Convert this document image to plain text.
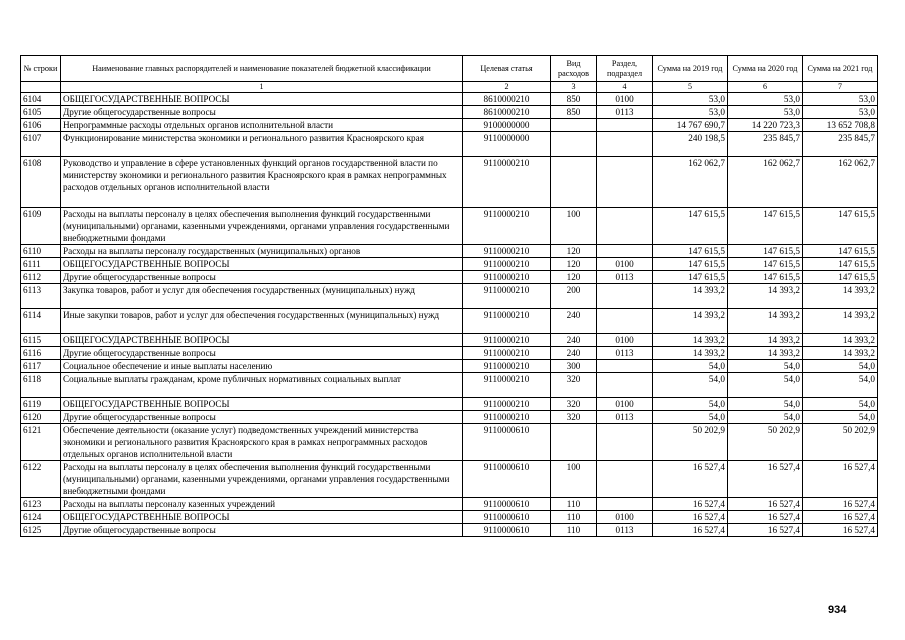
№ строки	Наименование главных распорядителей и наименование показателей бюджетной классификации	Целевая статья	Вид расходов	Раздел, подраздел	Сумма на 2019 год	Сумма на 2020 год	Сумма на 2021 год
	1	2	3	4	5	6	7
6104	ОБЩЕГОСУДАРСТВЕННЫЕ ВОПРОСЫ	8610000210	850	0100	53,0	53,0	53,0
6105	Другие общегосударственные вопросы	8610000210	850	0113	53,0	53,0	53,0
6106	Непрограммные расходы отдельных органов исполнительной власти	9100000000			14 767 690,7	14 220 723,3	13 652 708,8
6107	Функционирование министерства экономики и регионального развития Красноярского края	9110000000			240 198,5	235 845,7	235 845,7
6108	Руководство и управление в сфере установленных функций органов государственной власти по министерству экономики и регионального развития Красноярского края в рамках непрограммных расходов отдельных органов исполнительной власти	9110000210			162 062,7	162 062,7	162 062,7
6109	Расходы на выплаты персоналу в целях обеспечения выполнения функций государственными (муниципальными) органами, казенными учреждениями, органами управления государственными внебюджетными фондами	9110000210	100		147 615,5	147 615,5	147 615,5
6110	Расходы на выплаты персоналу государственных (муниципальных) органов	9110000210	120		147 615,5	147 615,5	147 615,5
6111	ОБЩЕГОСУДАРСТВЕННЫЕ ВОПРОСЫ	9110000210	120	0100	147 615,5	147 615,5	147 615,5
6112	Другие общегосударственные вопросы	9110000210	120	0113	147 615,5	147 615,5	147 615,5
6113	Закупка товаров, работ и услуг для обеспечения государственных (муниципальных) нужд	9110000210	200		14 393,2	14 393,2	14 393,2
6114	Иные закупки товаров, работ и услуг для обеспечения государственных (муниципальных) нужд	9110000210	240		14 393,2	14 393,2	14 393,2
6115	ОБЩЕГОСУДАРСТВЕННЫЕ ВОПРОСЫ	9110000210	240	0100	14 393,2	14 393,2	14 393,2
6116	Другие общегосударственные вопросы	9110000210	240	0113	14 393,2	14 393,2	14 393,2
6117	Социальное обеспечение и иные выплаты населению	9110000210	300		54,0	54,0	54,0
6118	Социальные выплаты гражданам, кроме публичных нормативных социальных выплат	9110000210	320		54,0	54,0	54,0
6119	ОБЩЕГОСУДАРСТВЕННЫЕ ВОПРОСЫ	9110000210	320	0100	54,0	54,0	54,0
6120	Другие общегосударственные вопросы	9110000210	320	0113	54,0	54,0	54,0
6121	Обеспечение деятельности (оказание услуг) подведомственных учреждений министерства экономики и регионального развития Красноярского края в рамках непрограммных расходов отдельных органов исполнительной власти	9110000610			50 202,9	50 202,9	50 202,9
6122	Расходы на выплаты персоналу в целях обеспечения выполнения функций государственными (муниципальными) органами, казенными учреждениями, органами управления государственными внебюджетными фондами	9110000610	100		16 527,4	16 527,4	16 527,4
6123	Расходы на выплаты персоналу казенных учреждений	9110000610	110		16 527,4	16 527,4	16 527,4
6124	ОБЩЕГОСУДАРСТВЕННЫЕ ВОПРОСЫ	9110000610	110	0100	16 527,4	16 527,4	16 527,4
6125	Другие общегосударственные вопросы	9110000610	110	0113	16 527,4	16 527,4	16 527,4
934
